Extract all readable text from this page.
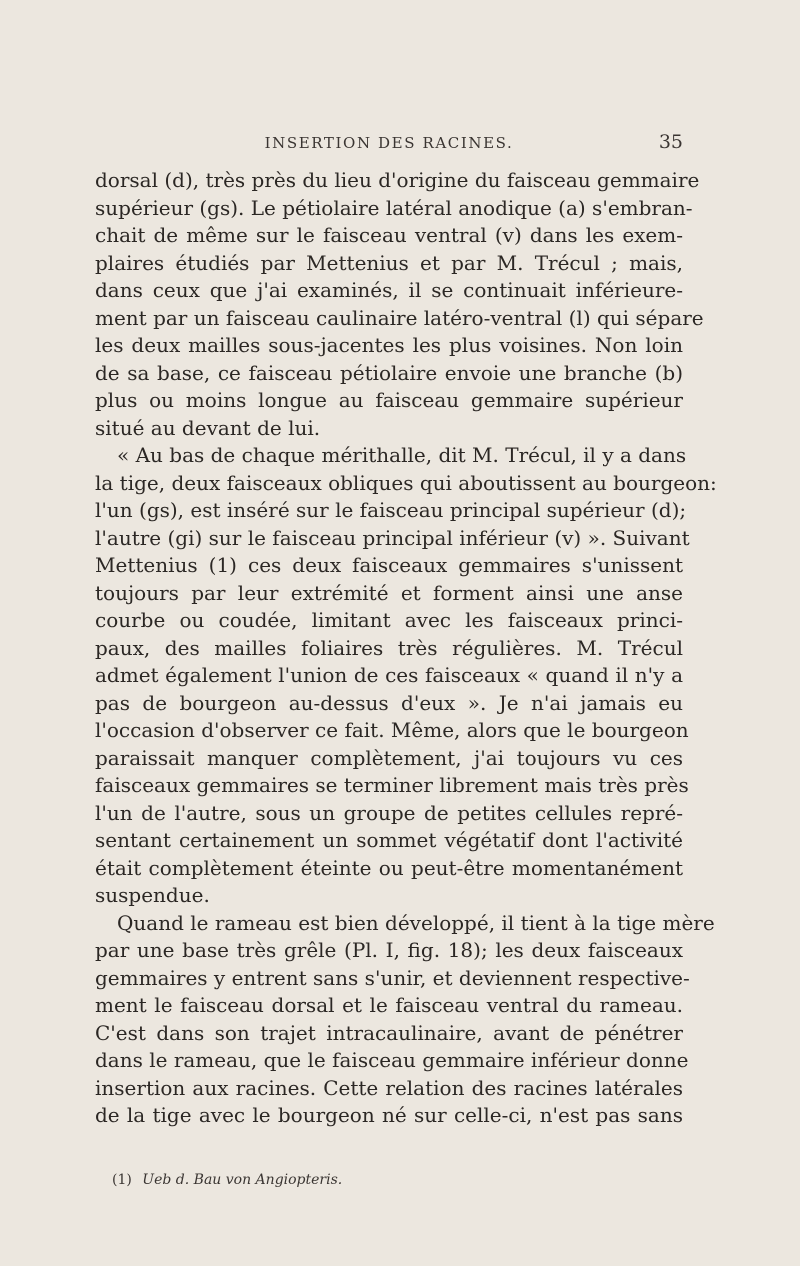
INSERTION DES RACINES.	35
dorsal (d), très près du lieu d'origine du faisceau gemmaire
supérieur (gs). Le pétiolaire latéral anodique (a) s'embran-
chait de même sur le faisceau ventral (v) dans les exem-
plaires étudiés par Mettenius et par M. Trécul ; mais,
dans ceux que j'ai examinés, il se continuait inférieure-
ment par un faisceau caulinaire latéro-ventral (l) qui sépare
les deux mailles sous-jacentes les plus voisines. Non loin
de sa base, ce faisceau pétiolaire envoie une branche (b)
plus ou moins longue au faisceau gemmaire supérieur
situé au devant de lui.
« Au bas de chaque mérithalle, dit M. Trécul, il y a dans
la tige, deux faisceaux obliques qui aboutissent au bourgeon:
l'un (gs), est inséré sur le faisceau principal supérieur (d);
l'autre (gi) sur le faisceau principal inférieur (v) ». Suivant
Mettenius (1) ces deux faisceaux gemmaires s'unissent
toujours par leur extrémité et forment ainsi une anse
courbe ou coudée, limitant avec les faisceaux princi-
paux, des mailles foliaires très régulières. M. Trécul
admet également l'union de ces faisceaux « quand il n'y a
pas de bourgeon au-dessus d'eux ». Je n'ai jamais eu
l'occasion d'observer ce fait. Même, alors que le bourgeon
paraissait manquer complètement, j'ai toujours vu ces
faisceaux gemmaires se terminer librement mais très près
l'un de l'autre, sous un groupe de petites cellules repré-
sentant certainement un sommet végétatif dont l'activité
était complètement éteinte ou peut-être momentanément
suspendue.
Quand le rameau est bien développé, il tient à la tige mère
par une base très grêle (Pl. I, fig. 18); les deux faisceaux
gemmaires y entrent sans s'unir, et deviennent respective-
ment le faisceau dorsal et le faisceau ventral du rameau.
C'est dans son trajet intracaulinaire, avant de pénétrer
dans le rameau, que le faisceau gemmaire inférieur donne
insertion aux racines. Cette relation des racines latérales
de la tige avec le bourgeon né sur celle-ci, n'est pas sans
(1) Ueb d. Bau von Angiopteris.
